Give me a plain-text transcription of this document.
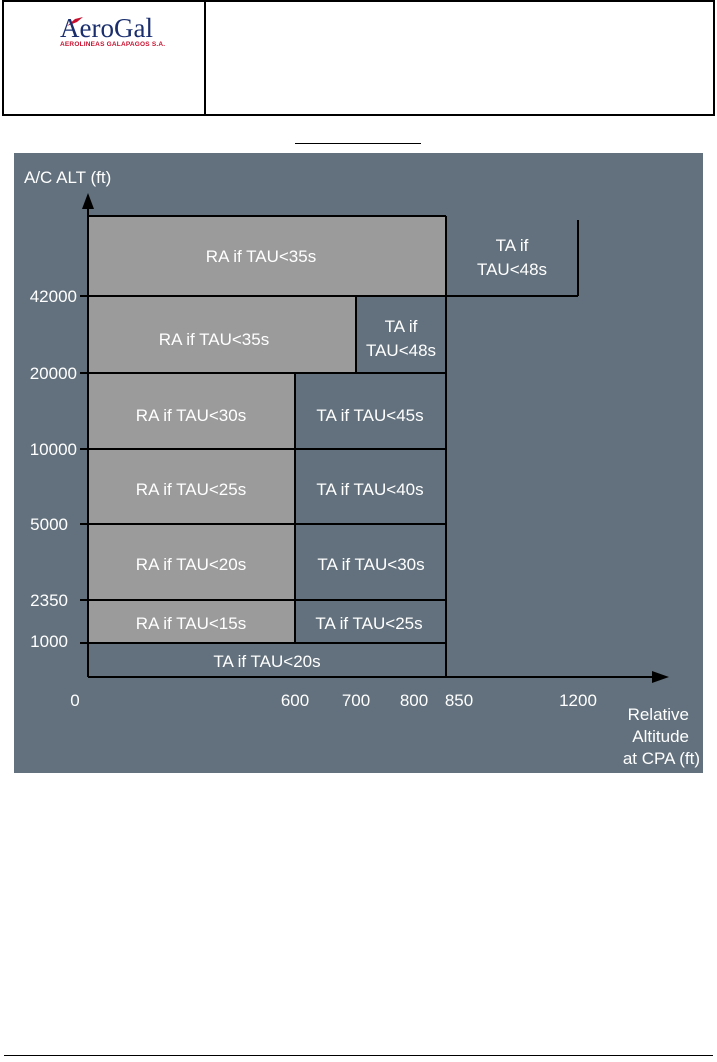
AeroGal
AEROLINEAS GALAPAGOS S.A.
A/C ALT (ft)
Relative
Altitude
at CPA (ft)
42000
20000
10000
5000
2350
1000
0	600 700 800 850	1200
RA if TAU<35s
TA if
TAU<48s
RA if TAU<35s
TA if
TAU<48s
RA if TAU<30s	TA if TAU<45s
RA if TAU<25s	TA if TAU<40s
RA if TAU<20s	TA if TAU<30s
RA if TAU<15s	TA if TAU<25s
TA if TAU<20s
